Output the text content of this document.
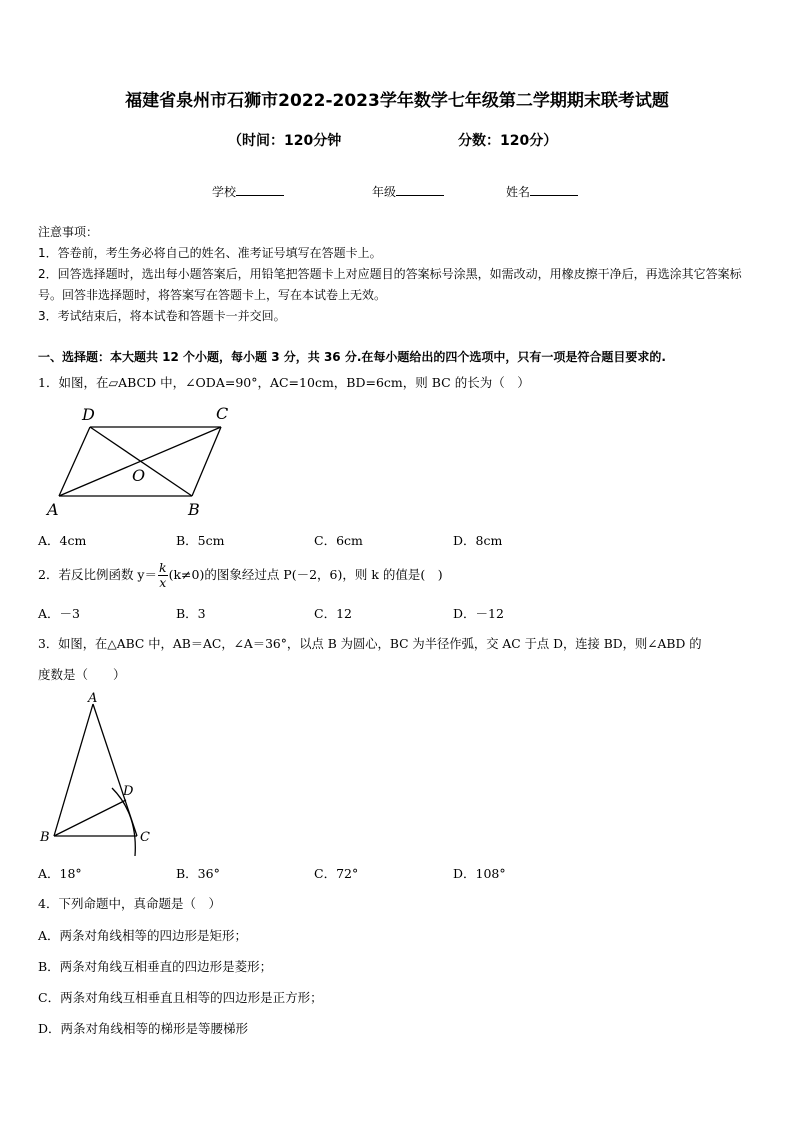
福建省泉州市石狮市2022-2023学年数学七年级第二学期期末联考试题
（时间：120分钟	分数：120分）
学校	年级	姓名

注意事项：

1．答卷前，考生务必将自己的姓名、准考证号填写在答题卡上。

2．回答选择题时，选出每小题答案后，用铅笔把答题卡上对应题目的答案标号涂黑，如需改动，用橡皮擦干净后，再选涂其它答案标号。回答非选择题时，将答案写在答题卡上，写在本试卷上无效。

3．考试结束后，将本试卷和答题卡一并交回。

一、选择题：本大题共 12 个小题，每小题 3 分，共 36 分.在每小题给出的四个选项中，只有一项是符合题目要求的.
1．如图，在▱ABCD 中，∠ODA=90°，AC=10cm，BD=6cm，则 BC 的长为（　）
D	C
O
A	B
A．4cm	B．5cm	C．6cm	D．8cm
2．若反比例函数 $y= \frac{k}{x} (k\ne 0)$的图象经过点 P(－2，6)，则 k 的值是(　)
A．－3	B．3	C．12	D．－12
3．如图，在△ABC 中，AB＝AC，∠A＝36°，以点 B 为圆心，BC 为半径作弧，交 AC 于点 D，连接 BD，则∠ABD 的
度数是（　　）
A
D
B	C
A．18°	B．36°	C．72°	D．108°
4．下列命题中，真命题是（　）
A．两条对角线相等的四边形是矩形；
B．两条对角线互相垂直的四边形是菱形；
C．两条对角线互相垂直且相等的四边形是正方形；
D．两条对角线相等的梯形是等腰梯形
